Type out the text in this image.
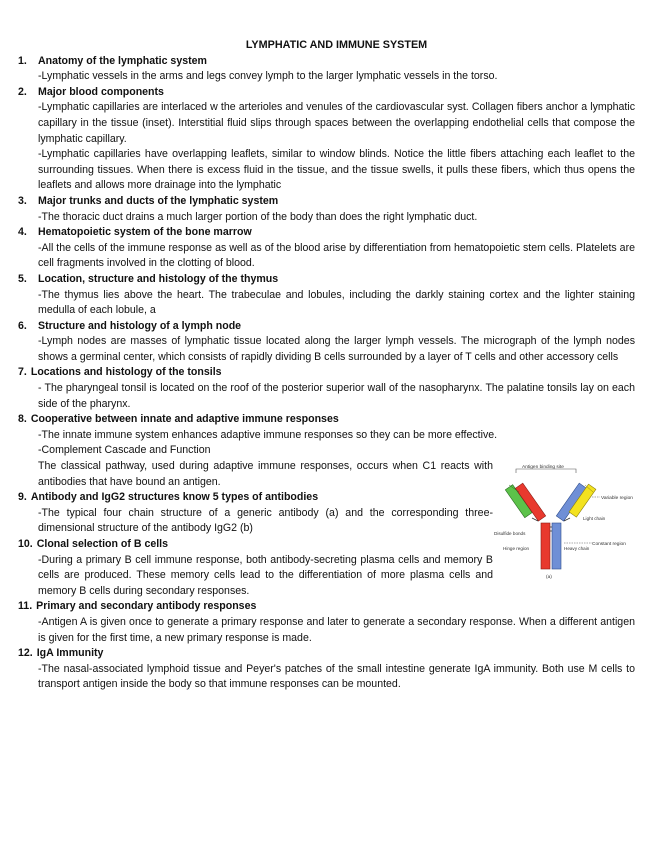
LYMPHATIC AND IMMUNE SYSTEM
1.	Anatomy of the lymphatic system

-Lymphatic vessels in the arms and legs convey lymph to the larger lymphatic vessels in the torso.

2.	Major blood components

-Lymphatic capillaries are interlaced w the arterioles and venules of the cardiovascular syst. Collagen fibers anchor a lymphatic capillary in the tissue (inset). Interstitial fluid slips through spaces between the overlapping endothelial cells that compose the lymphatic capillary.

-Lymphatic capillaries have overlapping leaflets, similar to window blinds. Notice the little fibers attaching each leaflet to the surrounding tissues. When there is excess fluid in the tissue, and the tissue swells, it pulls these fibers, which thus opens the leaflets and allows more drainage into the lymphatic

3.	Major trunks and ducts of the lymphatic system

-The thoracic duct drains a much larger portion of the body than does the right lymphatic duct.

4.	Hematopoietic system of the bone marrow

-All the cells of the immune response as well as of the blood arise by differentiation from hematopoietic stem cells. Platelets are cell fragments involved in the clotting of blood.

5.	Location, structure and histology of the thymus

-The thymus lies above the heart. The trabeculae and lobules, including the darkly staining cortex and the lighter staining medulla of each lobule, a

6.	Structure and histology of a lymph node

-Lymph nodes are masses of lymphatic tissue located along the larger lymph vessels. The micrograph of the lymph nodes shows a germinal center, which consists of rapidly dividing B cells surrounded by a layer of T cells and other accessory cells

7. Locations and histology of the tonsils

- The pharyngeal tonsil is located on the roof of the posterior superior wall of the nasopharynx. The palatine tonsils lay on each side of the pharynx.

8. Cooperative between innate and adaptive immune responses

-The innate immune system enhances adaptive immune responses so they can be more effective.

-Complement Cascade and Function

The classical pathway, used during adaptive immune responses, occurs when C1 reacts with antibodies that have bound an antigen.

9. Antibody and IgG2 structures know 5 types of antibodies

-The typical four chain structure of a generic antibody (a) and the corresponding three-dimensional structure of the antibody IgG2 (b)

10. Clonal selection of B cells

-During a primary B cell immune response, both antibody-secreting plasma cells and memory B cells are produced. These memory cells lead to the differentiation of more plasma cells and memory B cells during secondary responses.

11. Primary and secondary antibody responses

-Antigen A is given once to generate a primary response and later to generate a secondary response. When a different antigen is given for the first time, a new primary response is made.

12. IgA Immunity

-The nasal-associated lymphoid tissue and Peyer's patches of the small intestine generate IgA immunity. Both use M cells to transport antigen inside the body so that immune responses can be mounted.

Antigen binding site
Variable region
Light chain
Constant region
Heavy chain
Disulfide bonds
Hinge region
(a)
